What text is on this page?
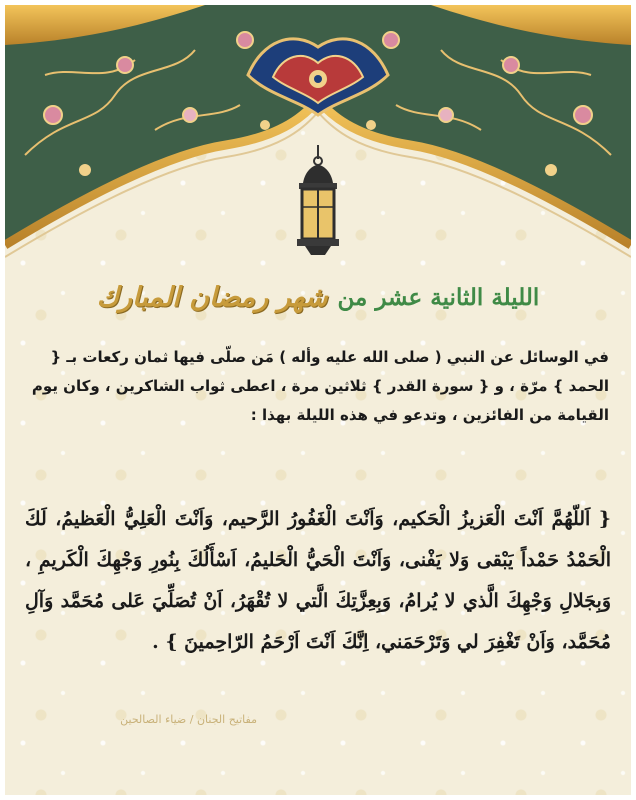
شهر رمضان المبارك الليلة الثانية عشر من
في الوسائل عن النبي ( صلى الله عليه وأله ) مَن صلّى فيها ثمان ركعات بـ { الحمد } مرّة ، و { سورة القدر } ثلاثين مرة ، اعطى ثواب الشاكرين ، وكان يوم القيامة من الفائزين ، وتدعو في هذه الليلة بهذا :
{ اَللّهُمَّ اَنْتَ الْعَزيزُ الْحَكيم، وَاَنْتَ الْغَفُورُ الرَّحيم، وَاَنْتَ الْعَلِيُّ الْعَظيمُ، لَكَ الْحَمْدُ حَمْداً يَبْقى وَلا يَفْنى، وَاَنْتَ الْحَيُّ الْحَليمُ، اَسْأَلُكَ بِنُورِ وَجْهِكَ الْكَريمِ ، وَبِجَلالِ وَجْهِكَ الَّذي لا يُرامُ، وَبِعِزَّتِكَ الَّتي لا تُقْهَرُ، اَنْ تُصَلِّيَ عَلى مُحَمَّد وَآلِ مُحَمَّد، وَاَنْ تَغْفِرَ لي وَتَرْحَمَني، اِنَّكَ اَنْتَ اَرْحَمُ الرّاحِمينَ } .
مفاتيح الجنان / ضياء الصالحين
